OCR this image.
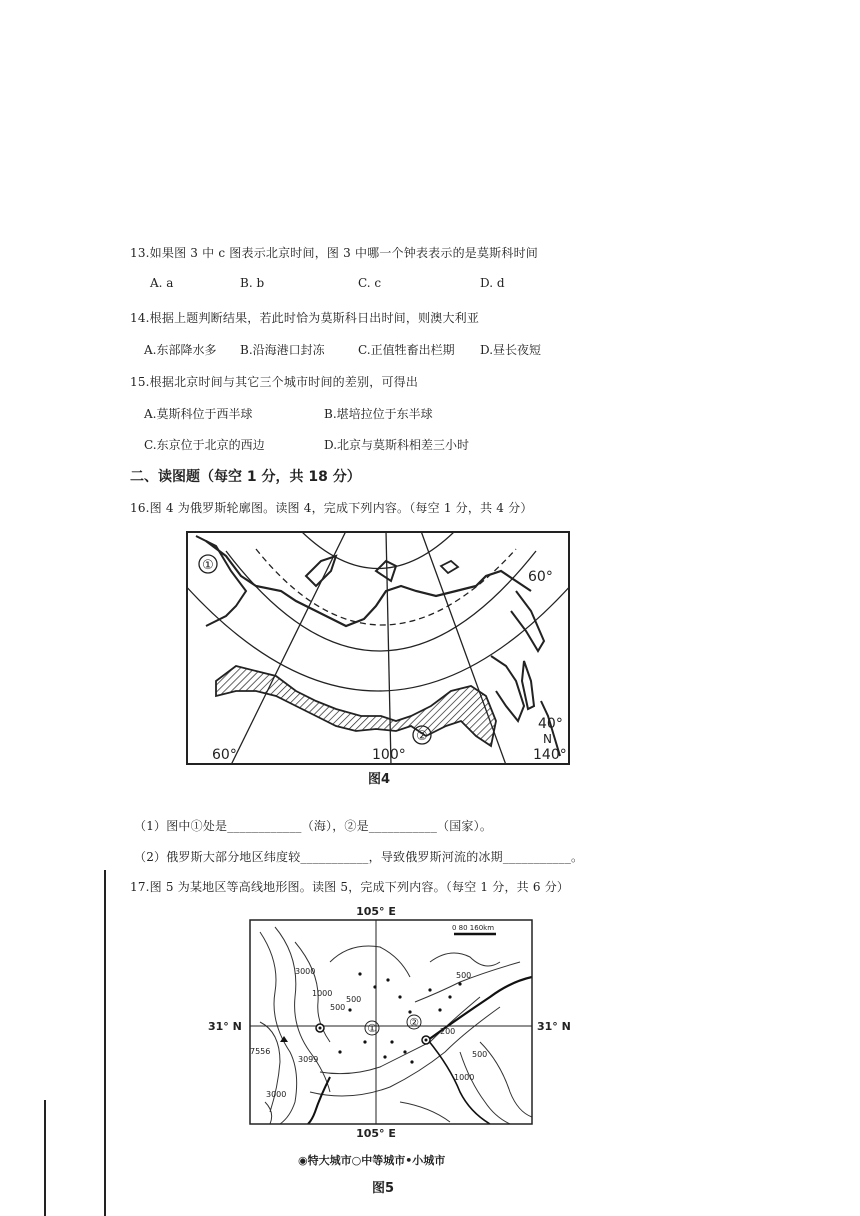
13.如果图 3 中 c 图表示北京时间，图 3 中哪一个钟表表示的是莫斯科时间
A. a	B. b	C. c	D. d
14.根据上题判断结果，若此时恰为莫斯科日出时间，则澳大利亚
A.东部降水多 B.沿海港口封冻	C.正值牲畜出栏期 D.昼长夜短
15.根据北京时间与其它三个城市时间的差别，可得出
A.莫斯科位于西半球	B.堪培拉位于东半球
C.东京位于北京的西边	D.北京与莫斯科相差三小时
二、读图题（每空 1 分，共 18 分）
16.图 4 为俄罗斯轮廓图。读图 4，完成下列内容。（每空 1 分，共 4 分）
①
②
60°
60°	100°
40°
N
140°
图4
（1）图中①处是____________（海），②是___________（国家）。
（2）俄罗斯大部分地区纬度较___________，导致俄罗斯河流的冰期___________。
17.图 5 为某地区等高线地形图。读图 5，完成下列内容。（每空 1 分，共 6 分）
0 80 160km
①	②
105° E
105° E
31° N	31° N
500
500
1000
3000
500
200
500
1000
3000
7556
3099
◉特大城市○中等城市•小城市
图5
